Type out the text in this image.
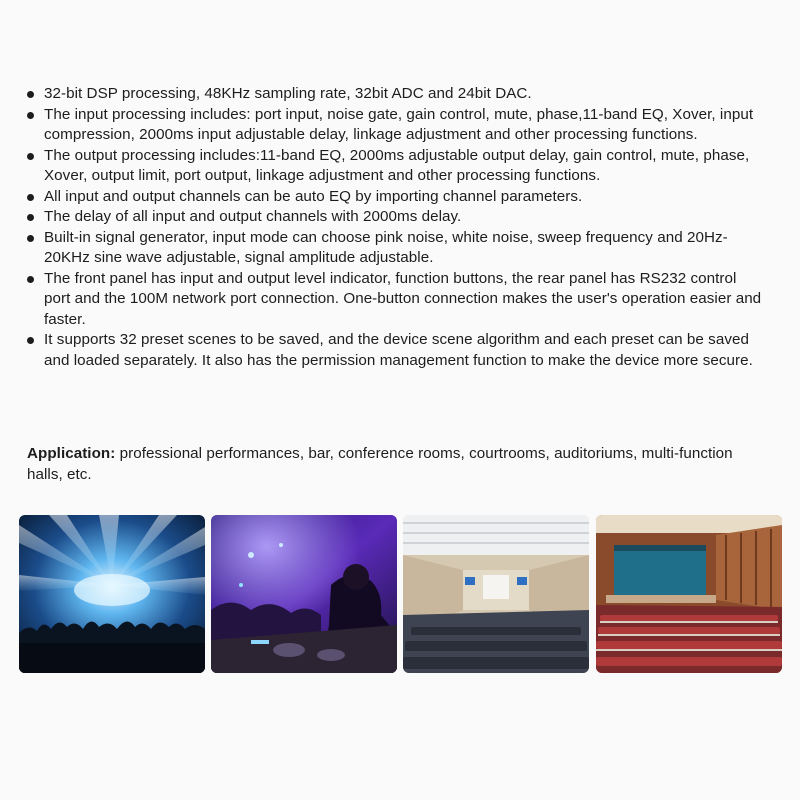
32-bit DSP processing, 48KHz sampling rate, 32bit ADC and 24bit DAC.
The input processing includes: port input, noise gate, gain control, mute, phase,11-band EQ, Xover, input compression, 2000ms input adjustable delay, linkage adjustment and other processing functions.
The output processing includes:11-band EQ, 2000ms adjustable output delay, gain control, mute, phase, Xover, output limit, port output, linkage adjustment and other processing functions.
All input and output channels can be auto EQ by importing channel parameters.
The delay of all input and output channels with 2000ms delay.
Built-in signal generator, input mode can choose pink noise, white noise, sweep frequency and 20Hz-20KHz sine wave adjustable, signal amplitude adjustable.
The front panel has input and output level indicator, function buttons, the rear panel has RS232 control port and the 100M network port connection. One-button connection makes the user's operation easier and faster.
It supports 32 preset scenes to be saved, and the device scene algorithm and each preset can be saved and loaded separately. It also has the permission management function to make the device more secure.
Application: professional performances, bar, conference rooms, courtrooms, auditoriums, multi-function halls, etc.
